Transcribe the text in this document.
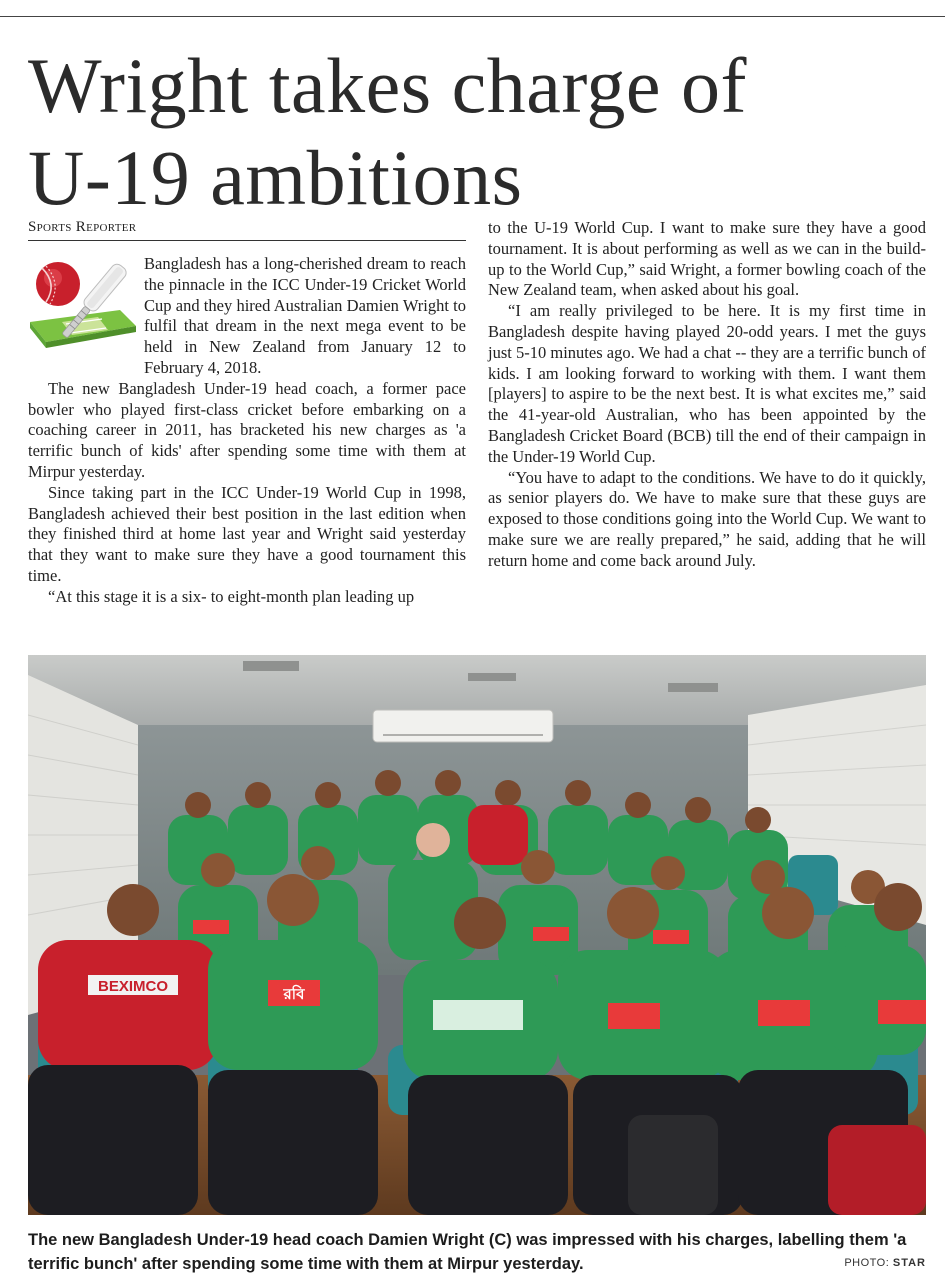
Wright takes charge of
U-19 ambitions
Sports Reporter

Bangladesh has a long-cherished dream to reach the pinnacle in the ICC Under-19 Cricket World Cup and they hired Australian Damien Wright to fulfil that dream in the next mega event to be held in New Zealand from January 12 to February 4, 2018.

The new Bangladesh Under-19 head coach, a former pace bowler who played first-class cricket before embarking on a coaching career in 2011, has bracketed his new charges as 'a terrific bunch of kids' after spending some time with them at Mirpur yesterday.

Since taking part in the ICC Under-19 World Cup in 1998, Bangladesh achieved their best position in the last edition when they finished third at home last year and Wright said yesterday that they want to make sure they have a good tournament this time.

“At this stage it is a six- to eight-month plan leading up

to the U-19 World Cup. I want to make sure they have a good tournament. It is about performing as well as we can in the build-up to the World Cup,” said Wright, a former bowling coach of the New Zealand team, when asked about his goal.

“I am really privileged to be here. It is my first time in Bangladesh despite having played 20-odd years. I met the guys just 5-10 minutes ago. We had a chat -- they are a terrific bunch of kids. I am looking forward to working with them. I want them [players] to aspire to be the next best. It is what excites me,” said the 41-year-old Australian, who has been appointed by the Bangladesh Cricket Board (BCB) till the end of their campaign in the Under-19 World Cup.

“You have to adapt to the conditions. We have to do it quickly, as senior players do. We have to make sure that these guys are exposed to those conditions going into the World Cup. We want to make sure we are really prepared,” he said, adding that he will return home and come back around July.

BEXIMCO	রবি

The new Bangladesh Under-19 head coach Damien Wright (C) was impressed with his charges, labelling them 'a terrific bunch' after spending some time with them at Mirpur yesterday.	PHOTO: STAR
